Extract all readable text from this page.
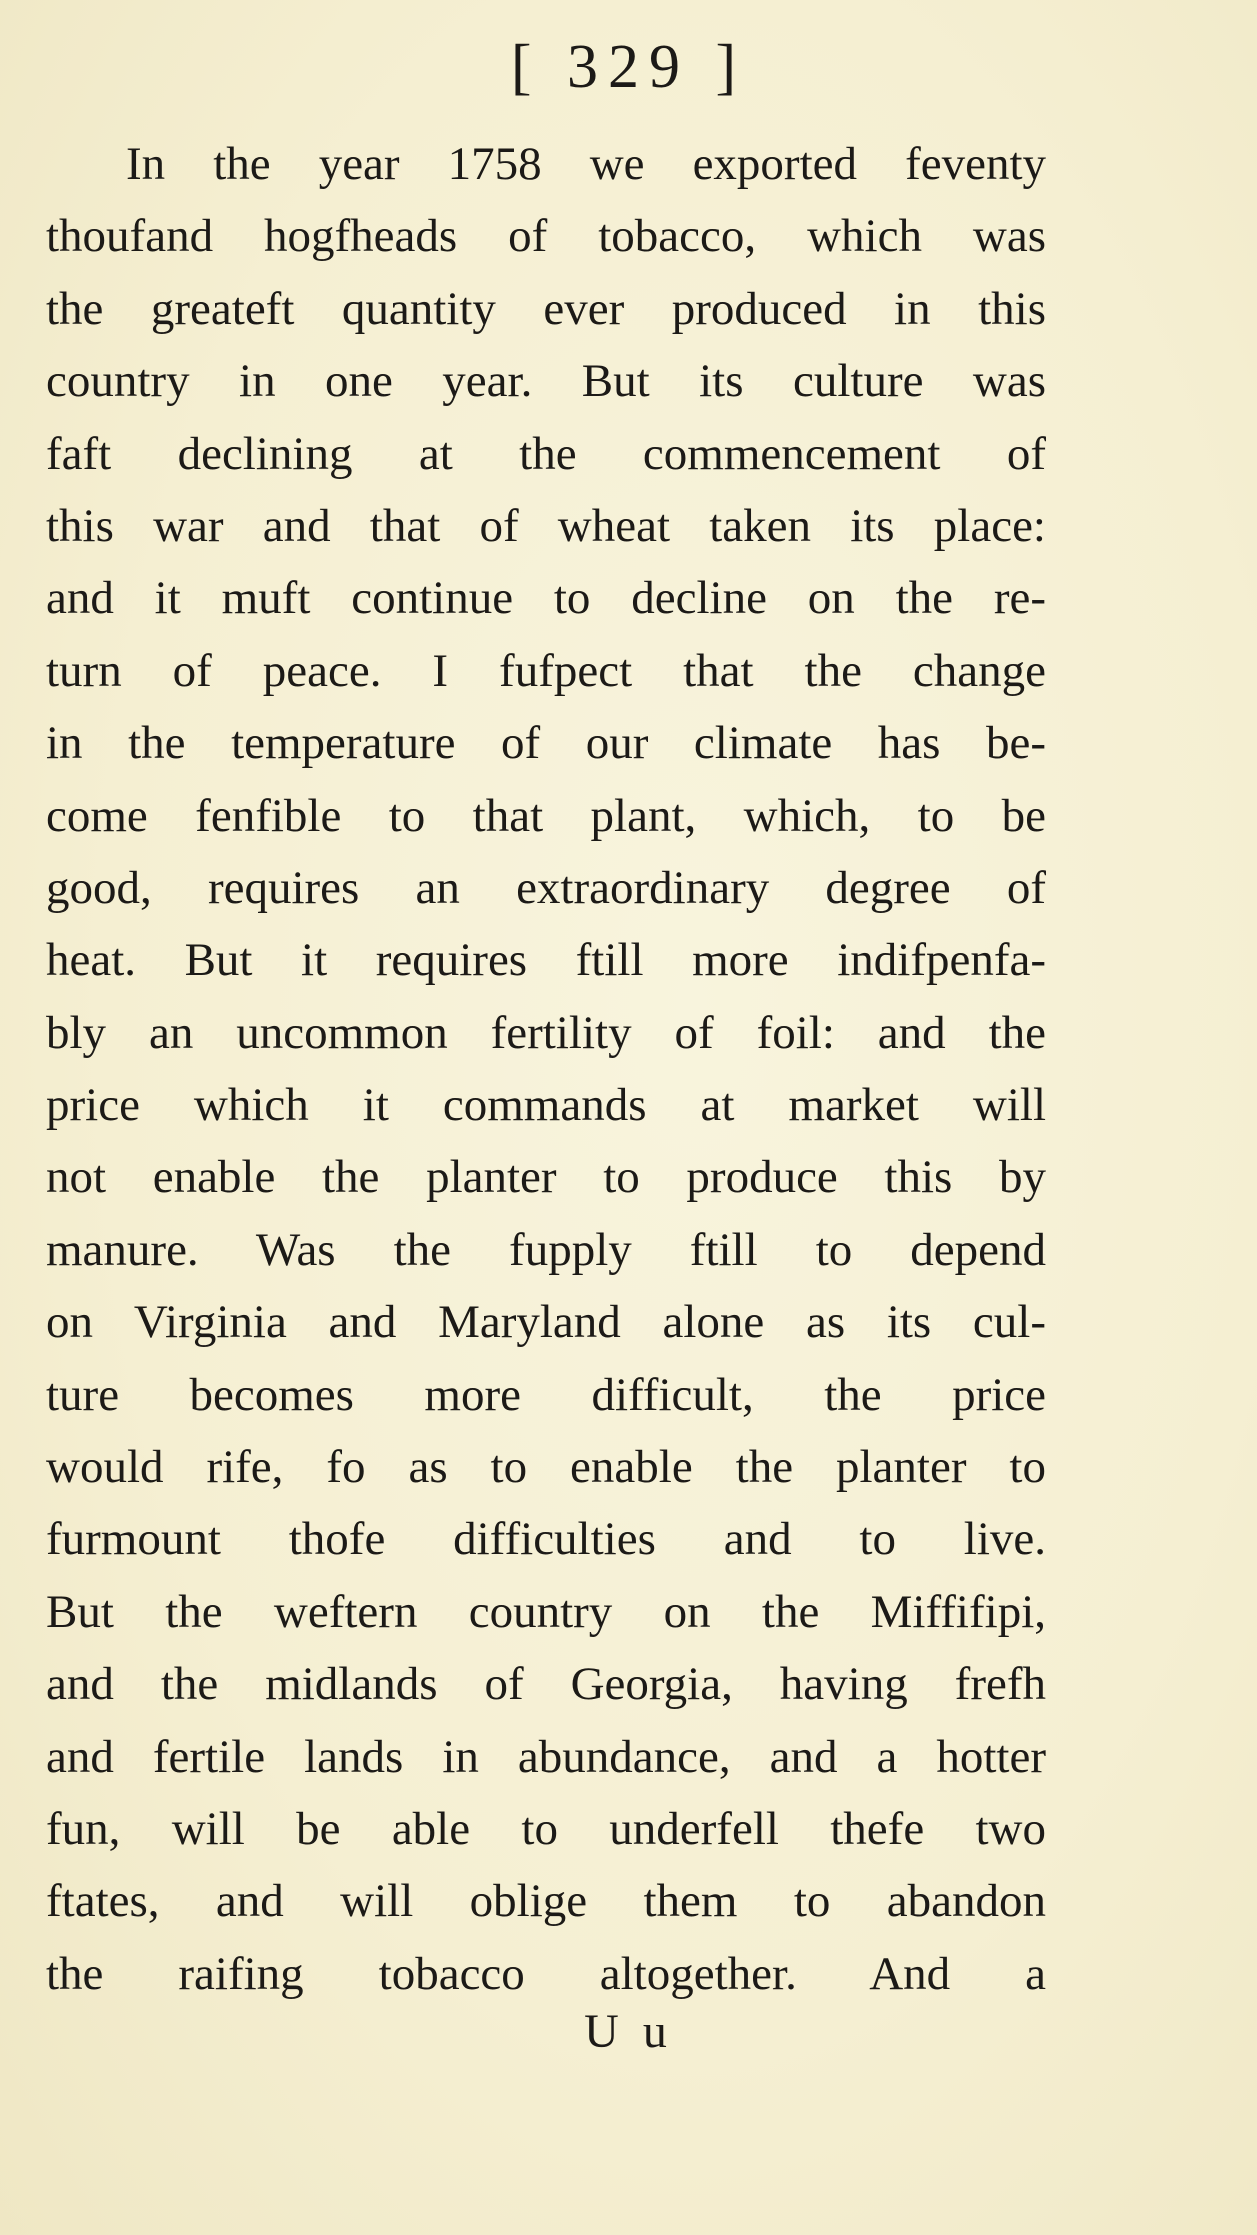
[ 329 ]
In the year 1758 we exported feventy
thoufand hogfheads of tobacco, which was
the greateft quantity ever produced in this
country in one year. But its culture was
faft declining at the commencement of
this war and that of wheat taken its place:
and it muft continue to decline on the re-
turn of peace. I fufpect that the change
in the temperature of our climate has be-
come fenfible to that plant, which, to be
good, requires an extraordinary degree of
heat. But it requires ftill more indifpenfa-
bly an uncommon fertility of foil: and the
price which it commands at market will
not enable the planter to produce this by
manure. Was the fupply ftill to depend
on Virginia and Maryland alone as its cul-
ture becomes more difficult, the price
would rife, fo as to enable the planter to
furmount thofe difficulties and to live.
But the weftern country on the Miffifipi,
and the midlands of Georgia, having frefh
and fertile lands in abundance, and a hotter
fun, will be able to underfell thefe two
ftates, and will oblige them to abandon
the raifing tobacco altogether. And a
U u
